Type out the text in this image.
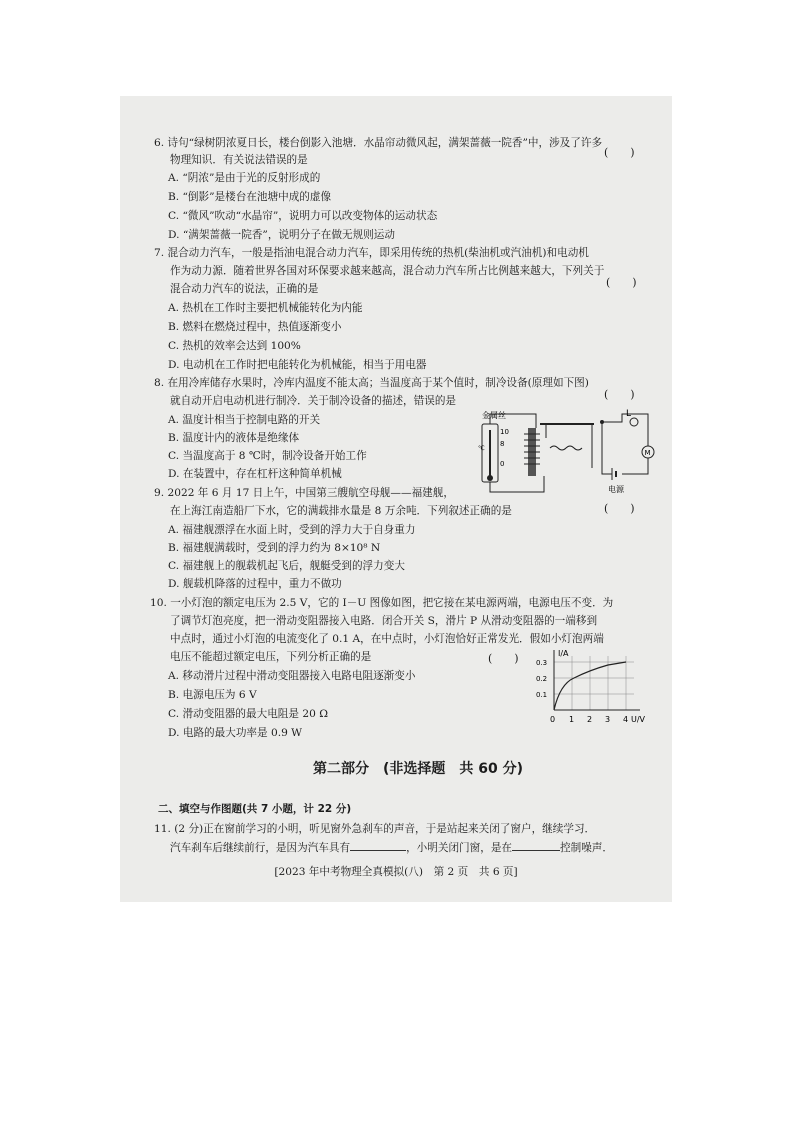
6. 诗句“绿树阴浓夏日长，楼台倒影入池塘．水晶帘动微风起，满架蔷薇一院香”中，涉及了许多
物理知识．有关说法错误的是
(　　)
A. “阴浓”是由于光的反射形成的
B. “倒影”是楼台在池塘中成的虚像
C. “微风”吹动“水晶帘”，说明力可以改变物体的运动状态
D. “满架蔷薇一院香”，说明分子在做无规则运动
7. 混合动力汽车，一般是指油电混合动力汽车，即采用传统的热机(柴油机或汽油机)和电动机
作为动力源．随着世界各国对环保要求越来越高，混合动力汽车所占比例越来越大，下列关于
混合动力汽车的说法，正确的是	(　　)
A. 热机在工作时主要把机械能转化为内能
B. 燃料在燃烧过程中，热值逐渐变小
C. 热机的效率会达到 100%
D. 电动机在工作时把电能转化为机械能，相当于用电器
8. 在用冷库储存水果时，冷库内温度不能太高；当温度高于某个值时，制冷设备(原理如下图)
就自动开启电动机进行制冷．关于制冷设备的描述，错误的是	(　　)
A. 温度计相当于控制电路的开关
B. 温度计内的液体是绝缘体
C. 当温度高于 8 ℃时，制冷设备开始工作
D. 在装置中，存在杠杆这种简单机械
金属丝
10
8
0
℃
L
M
电源
9. 2022 年 6 月 17 日上午，中国第三艘航空母舰——福建舰，
在上海江南造船厂下水，它的满载排水量是 8 万余吨．下列叙述正确的是	(　　)
A. 福建舰漂浮在水面上时，受到的浮力大于自身重力
B. 福建舰满载时，受到的浮力约为 8×10⁸ N
C. 福建舰上的舰载机起飞后，舰艇受到的浮力变大
D. 舰载机降落的过程中，重力不做功
10. 一小灯泡的额定电压为 2.5 V，它的 I－U 图像如图，把它接在某电源两端，电源电压不变．为
了调节灯泡亮度，把一滑动变阻器接入电路．闭合开关 S，滑片 P 从滑动变阻器的一端移到
中点时，通过小灯泡的电流变化了 0.1 A，在中点时，小灯泡恰好正常发光．假如小灯泡两端
电压不能超过额定电压，下列分析正确的是	(　　)
A. 移动滑片过程中滑动变阻器接入电路电阻逐渐变小
B. 电源电压为 6 V
C. 滑动变阻器的最大电阻是 20 Ω
D. 电路的最大功率是 0.9 W
I/A
0.3
0.2
0.1
0 1 2 3 4 U/V
第二部分　(非选择题　共 60 分)
二、填空与作图题(共 7 小题，计 22 分)
11. (2 分)正在窗前学习的小明，听见窗外急刹车的声音，于是站起来关闭了窗户，继续学习．
汽车刹车后继续前行，是因为汽车具有	，小明关闭门窗，是在	控制噪声．
[2023 年中考物理全真模拟(八)　第 2 页　共 6 页]
